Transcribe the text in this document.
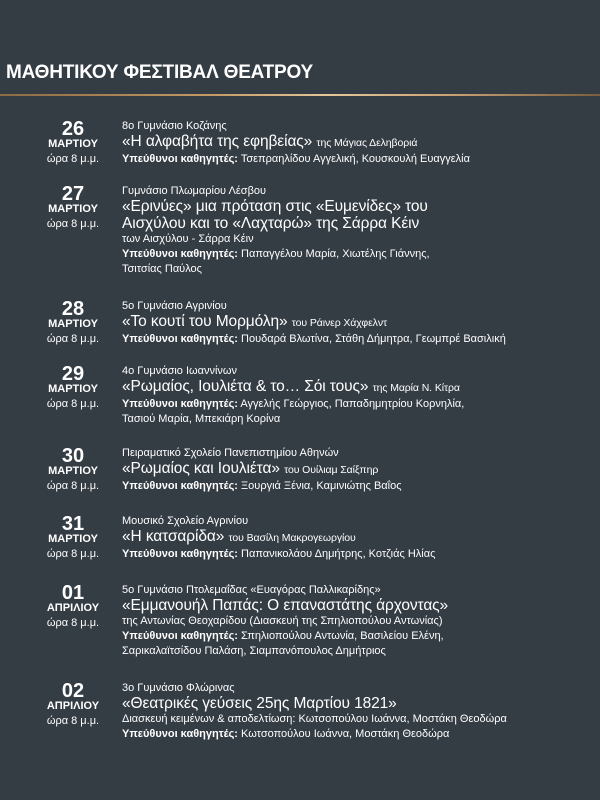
ΜΑΘΗΤΙΚΟΥ ΦΕΣΤΙΒΑΛ ΘΕΑΤΡΟΥ
26
ΜΑΡΤΙΟΥ
ώρα 8 μ.μ.
8ο Γυμνάσιο Κοζάνης
«Η αλφαβήτα της εφηβείας» της Μάγιας Δεληβοριά
Υπεύθυνοι καθηγητές: Τσεπραηλίδου Αγγελική, Κουσκουλή Ευαγγελία
27
ΜΑΡΤΙΟΥ
ώρα 8 μ.μ.
Γυμνάσιο Πλωμαρίου Λέσβου
«Ερινύες» μια πρόταση στις «Ευμενίδες» του
Αισχύλου και το «Λαχταρώ» της Σάρρα Κέιν
των Αισχύλου - Σάρρα Κέιν
Υπεύθυνοι καθηγητές: Παπαγγέλου Μαρία, Χιωτέλης Γιάννης,
Τσιτσίας Παύλος
28
ΜΑΡΤΙΟΥ
ώρα 8 μ.μ.
5ο Γυμνάσιο Αγρινίου
«Το κουτί του Μορμόλη» του Ράινερ Χάχφελντ
Υπεύθυνοι καθηγητές: Πουδαρά Βλωτίνα, Στάθη Δήμητρα, Γεωμπρέ Βασιλική
29
ΜΑΡΤΙΟΥ
ώρα 8 μ.μ.
4ο Γυμνάσιο Ιωαννίνων
«Ρωμαίος, Ιουλιέτα & το… Σόι τους» της Μαρία Ν. Κίτρα
Υπεύθυνοι καθηγητές: Αγγελής Γεώργιος, Παπαδημητρίου Κορνηλία,
Τασιού Μαρία, Μπεκιάρη Κορίνα
30
ΜΑΡΤΙΟΥ
ώρα 8 μ.μ.
Πειραματικό Σχολείο Πανεπιστημίου Αθηνών
«Ρωμαίος και Ιουλιέτα» του Ουίλιαμ Σαίξπηρ
Υπεύθυνοι καθηγητές: Ξουργιά Ξένια, Καμινιώτης Βαΐος
31
ΜΑΡΤΙΟΥ
ώρα 8 μ.μ.
Μουσικό Σχολείο Αγρινίου
«Η κατσαρίδα» του Βασίλη Μακρογεωργίου
Υπεύθυνοι καθηγητές: Παπανικολάου Δημήτρης, Κοτζιάς Ηλίας
01
ΑΠΡΙΛΙΟΥ
ώρα 8 μ.μ.
5ο Γυμνάσιο Πτολεμαΐδας «Ευαγόρας Παλλικαρίδης»
«Εμμανουήλ Παπάς: Ο επαναστάτης άρχοντας»
της Αντωνίας Θεοχαρίδου (Διασκευή της Σπηλιοπούλου Αντωνίας)
Υπεύθυνοι καθηγητές: Σπηλιοπούλου Αντωνία, Βασιλείου Ελένη,
Σαρικαλαϊτσίδου Παλάση, Σιαμπανόπουλος Δημήτριος
02
ΑΠΡΙΛΙΟΥ
ώρα 8 μ.μ.
3ο Γυμνάσιο Φλώρινας
«Θεατρικές γεύσεις 25ης Μαρτίου 1821»
Διασκευή κειμένων & αποδελτίωση: Κωτσοπούλου Ιωάννα, Μοστάκη Θεοδώρα
Υπεύθυνοι καθηγητές: Κωτσοπούλου Ιωάννα, Μοστάκη Θεοδώρα
